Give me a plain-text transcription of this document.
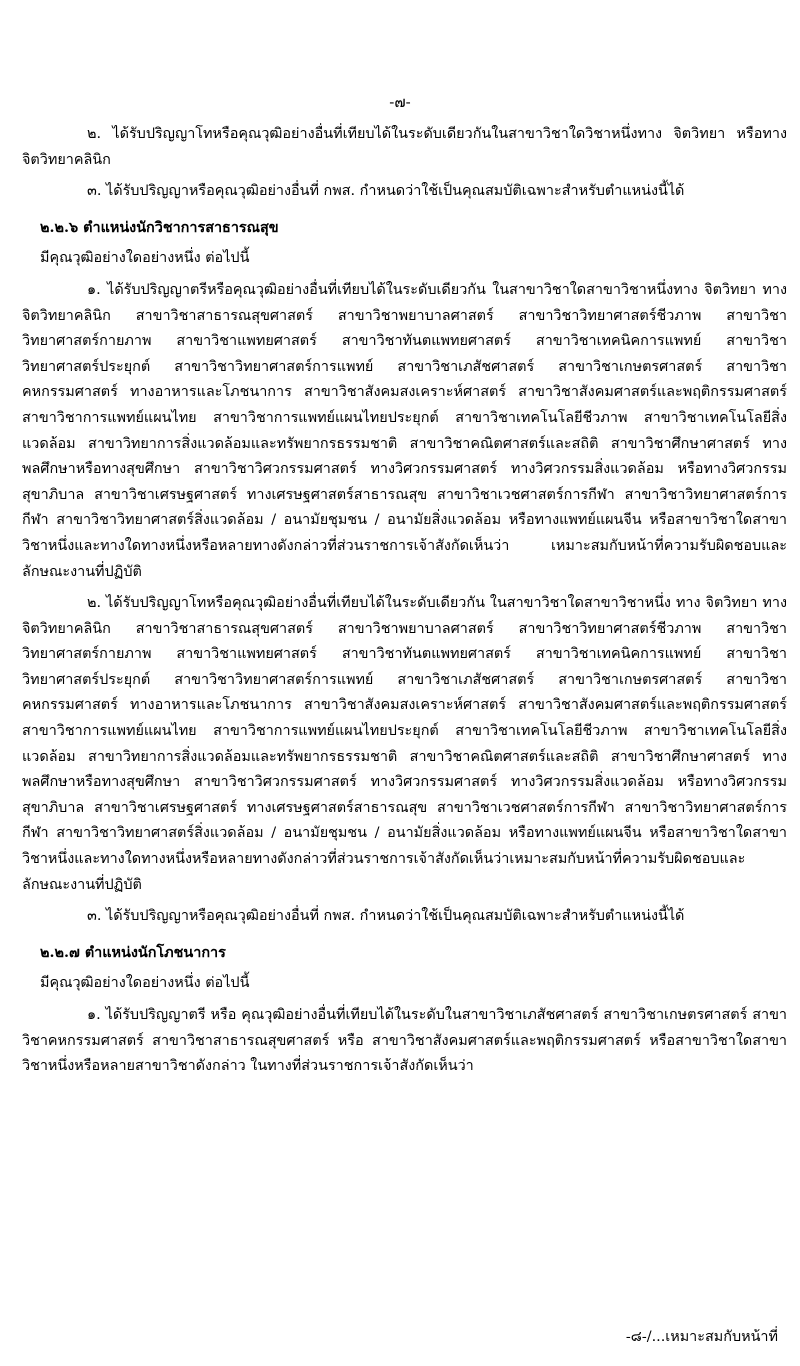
-๗-

๒. ได้รับปริญญาโทหรือคุณวุฒิอย่างอื่นที่เทียบได้ในระดับเดียวกันในสาขาวิชาใดวิชาหนึ่งทาง จิตวิทยา หรือทางจิตวิทยาคลินิก

๓. ได้รับปริญญาหรือคุณวุฒิอย่างอื่นที่ กพส. กำหนดว่าใช้เป็นคุณสมบัติเฉพาะสำหรับตำแหน่งนี้ได้

๒.๒.๖ ตำแหน่งนักวิชาการสาธารณสุข

มีคุณวุฒิอย่างใดอย่างหนึ่ง ต่อไปนี้

๑. ได้รับปริญญาตรีหรือคุณวุฒิอย่างอื่นที่เทียบได้ในระดับเดียวกัน ในสาขาวิชาใดสาขาวิชาหนึ่งทาง จิตวิทยา ทางจิตวิทยาคลินิก สาขาวิชาสาธารณสุขศาสตร์ สาขาวิชาพยาบาลศาสตร์ สาขาวิชาวิทยาศาสตร์ชีวภาพ สาขาวิชาวิทยาศาสตร์กายภาพ สาขาวิชาแพทยศาสตร์ สาขาวิชาทันตแพทยศาสตร์ สาขาวิชาเทคนิคการแพทย์ สาขาวิชาวิทยาศาสตร์ประยุกต์ สาขาวิชาวิทยาศาสตร์การแพทย์ สาขาวิชาเภสัชศาสตร์ สาขาวิชาเกษตรศาสตร์ สาขาวิชาคหกรรมศาสตร์ ทางอาหารและโภชนาการ สาขาวิชาสังคมสงเคราะห์ศาสตร์ สาขาวิชาสังคมศาสตร์และพฤติกรรมศาสตร์ สาขาวิชาการแพทย์แผนไทย สาขาวิชาการแพทย์แผนไทยประยุกต์ สาขาวิชาเทคโนโลยีชีวภาพ สาขาวิชาเทคโนโลยีสิ่งแวดล้อม สาขาวิทยาการสิ่งแวดล้อมและทรัพยากรธรรมชาติ สาขาวิชาคณิตศาสตร์และสถิติ สาขาวิชาศึกษาศาสตร์ ทางพลศึกษาหรือทางสุขศึกษา สาขาวิชาวิศวกรรมศาสตร์ ทางวิศวกรรมศาสตร์ ทางวิศวกรรมสิ่งแวดล้อม หรือทางวิศวกรรมสุขาภิบาล สาขาวิชาเศรษฐศาสตร์ ทางเศรษฐศาสตร์สาธารณสุข สาขาวิชาเวชศาสตร์การกีฬา สาขาวิชาวิทยาศาสตร์การกีฬา สาขาวิชาวิทยาศาสตร์สิ่งแวดล้อม / อนามัยชุมชน / อนามัยสิ่งแวดล้อม หรือทางแพทย์แผนจีน หรือสาขาวิชาใดสาขาวิชาหนึ่งและทางใดทางหนึ่งหรือหลายทางดังกล่าวที่ส่วนราชการเจ้าสังกัดเห็นว่า เหมาะสมกับหน้าที่ความรับผิดชอบและลักษณะงานที่ปฏิบัติ

๒. ได้รับปริญญาโทหรือคุณวุฒิอย่างอื่นที่เทียบได้ในระดับเดียวกัน ในสาขาวิชาใดสาขาวิชาหนึ่ง ทาง จิตวิทยา ทางจิตวิทยาคลินิก สาขาวิชาสาธารณสุขศาสตร์ สาขาวิชาพยาบาลศาสตร์ สาขาวิชาวิทยาศาสตร์ชีวภาพ สาขาวิชาวิทยาศาสตร์กายภาพ สาขาวิชาแพทยศาสตร์ สาขาวิชาทันตแพทยศาสตร์ สาขาวิชาเทคนิคการแพทย์ สาขาวิชาวิทยาศาสตร์ประยุกต์ สาขาวิชาวิทยาศาสตร์การแพทย์ สาขาวิชาเภสัชศาสตร์ สาขาวิชาเกษตรศาสตร์ สาขาวิชาคหกรรมศาสตร์ ทางอาหารและโภชนาการ สาขาวิชาสังคมสงเคราะห์ศาสตร์ สาขาวิชาสังคมศาสตร์และพฤติกรรมศาสตร์ สาขาวิชาการแพทย์แผนไทย สาขาวิชาการแพทย์แผนไทยประยุกต์ สาขาวิชาเทคโนโลยีชีวภาพ สาขาวิชาเทคโนโลยีสิ่งแวดล้อม สาขาวิทยาการสิ่งแวดล้อมและทรัพยากรธรรมชาติ สาขาวิชาคณิตศาสตร์และสถิติ สาขาวิชาศึกษาศาสตร์ ทางพลศึกษาหรือทางสุขศึกษา สาขาวิชาวิศวกรรมศาสตร์ ทางวิศวกรรมศาสตร์ ทางวิศวกรรมสิ่งแวดล้อม หรือทางวิศวกรรมสุขาภิบาล สาขาวิชาเศรษฐศาสตร์ ทางเศรษฐศาสตร์สาธารณสุข สาขาวิชาเวชศาสตร์การกีฬา สาขาวิชาวิทยาศาสตร์การกีฬา สาขาวิชาวิทยาศาสตร์สิ่งแวดล้อม / อนามัยชุมชน / อนามัยสิ่งแวดล้อม หรือทางแพทย์แผนจีน หรือสาขาวิชาใดสาขาวิชาหนึ่งและทางใดทางหนึ่งหรือหลายทางดังกล่าวที่ส่วนราชการเจ้าสังกัดเห็นว่าเหมาะสมกับหน้าที่ความรับผิดชอบและลักษณะงานที่ปฏิบัติ

๓. ได้รับปริญญาหรือคุณวุฒิอย่างอื่นที่ กพส. กำหนดว่าใช้เป็นคุณสมบัติเฉพาะสำหรับตำแหน่งนี้ได้

๒.๒.๗ ตำแหน่งนักโภชนาการ

มีคุณวุฒิอย่างใดอย่างหนึ่ง ต่อไปนี้

๑. ได้รับปริญญาตรี หรือ คุณวุฒิอย่างอื่นที่เทียบได้ในระดับในสาขาวิชาเภสัชศาสตร์ สาขาวิชาเกษตรศาสตร์ สาขาวิชาคหกรรมศาสตร์ สาขาวิชาสาธารณสุขศาสตร์ หรือ สาขาวิชาสังคมศาสตร์และพฤติกรรมศาสตร์ หรือสาขาวิชาใดสาขาวิชาหนึ่งหรือหลายสาขาวิชาดังกล่าว ในทางที่ส่วนราชการเจ้าสังกัดเห็นว่า

-๘-/...เหมาะสมกับหน้าที่
